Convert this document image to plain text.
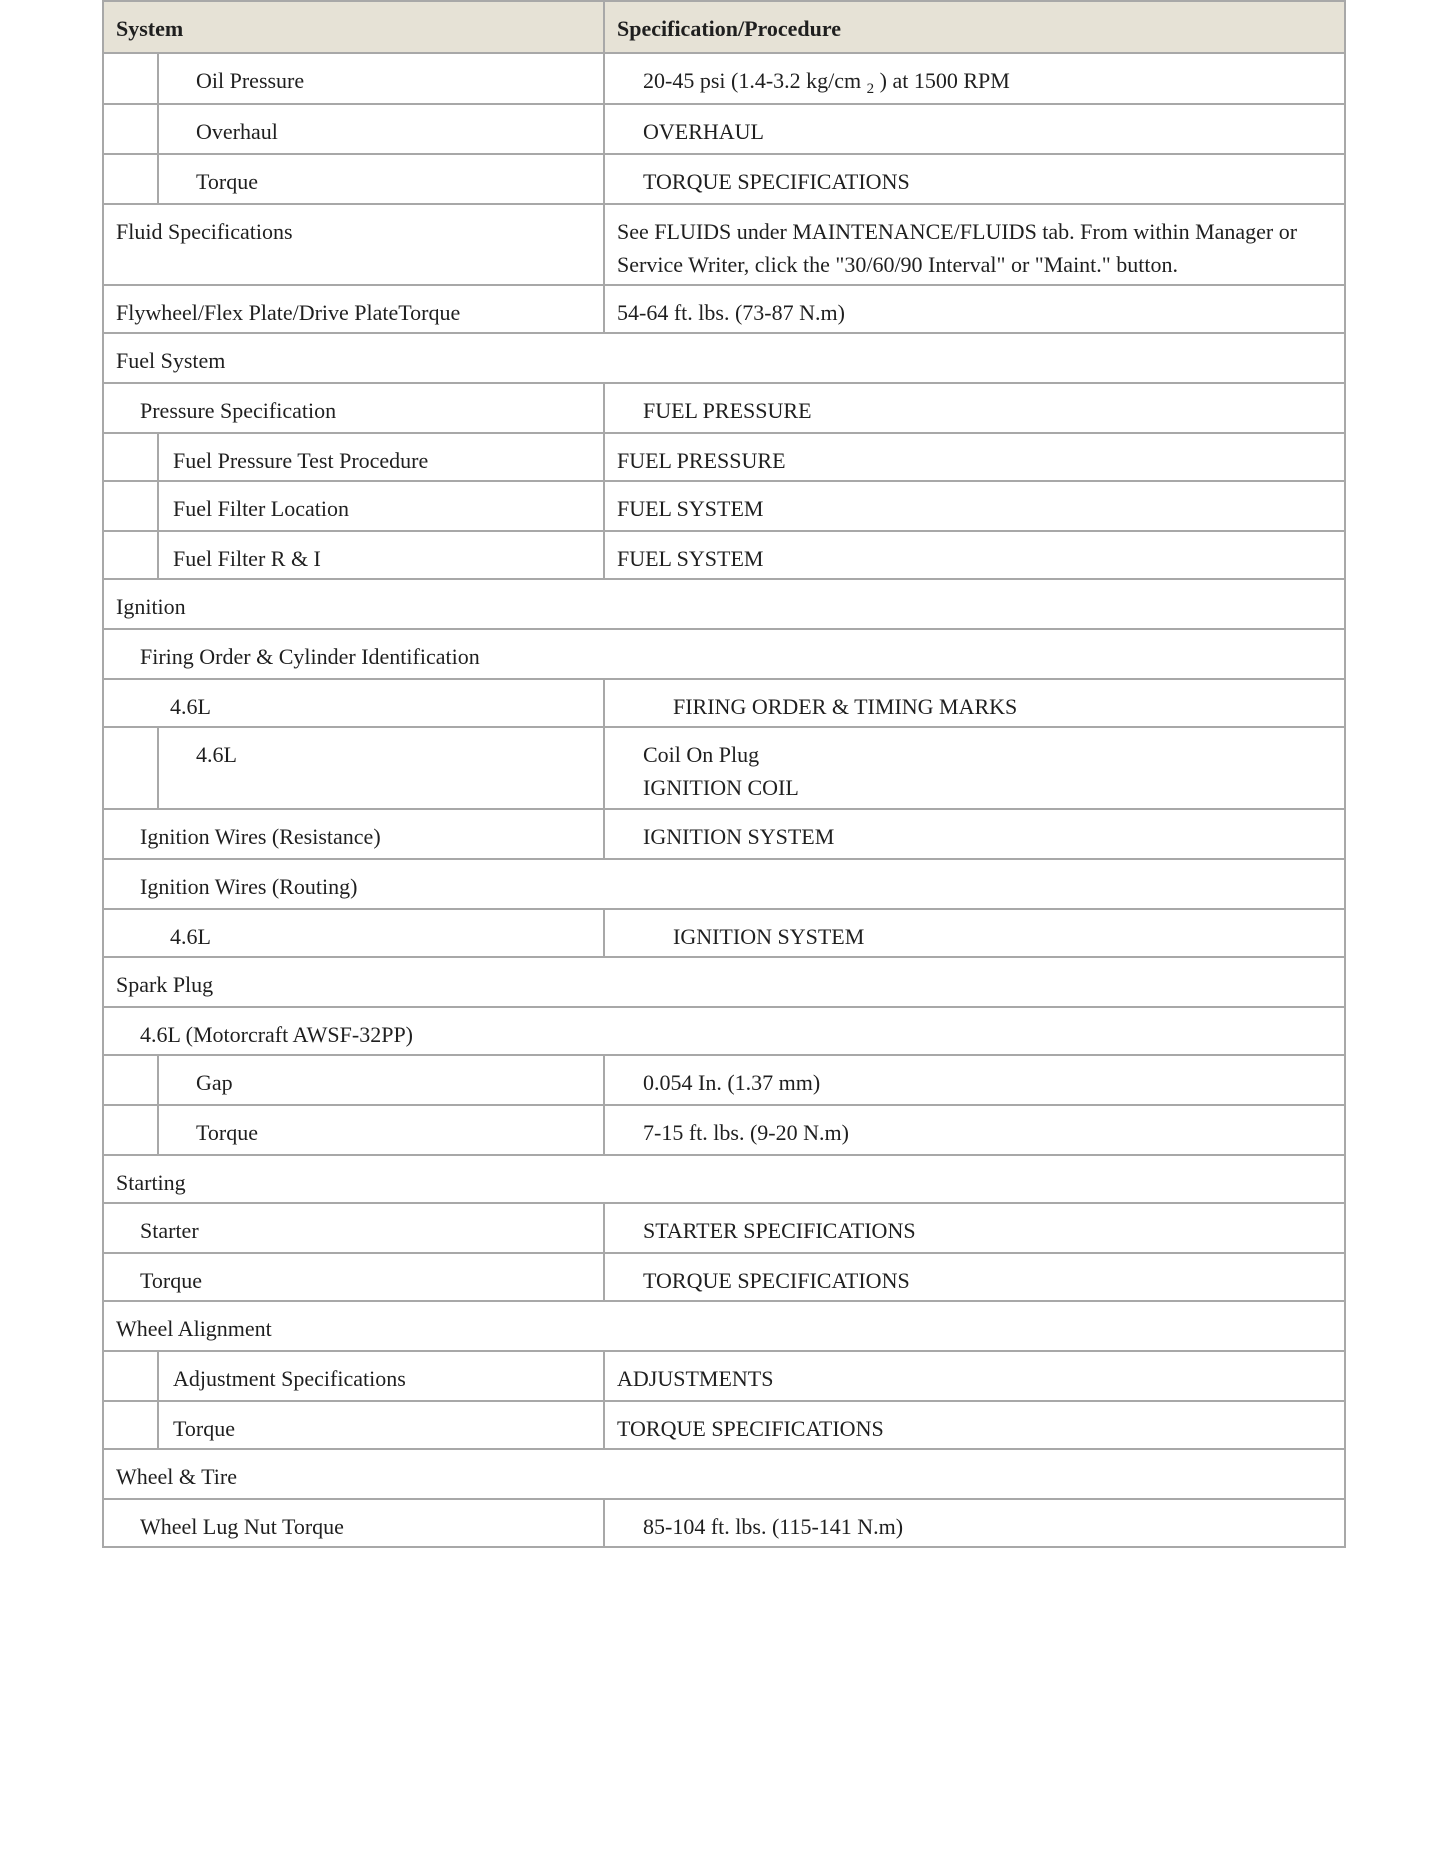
System	Specification/Procedure
Oil Pressure	20-45 psi (1.4-3.2 kg/cm $_2$ ) at 1500 RPM
Overhaul	OVERHAUL
Torque	TORQUE SPECIFICATIONS
Fluid Specifications	See FLUIDS under MAINTENANCE/FLUIDS tab. From within Manager or
Service Writer, click the "30/60/90 Interval" or "Maint." button.
Flywheel/Flex Plate/Drive PlateTorque	54-64 ft. lbs. (73-87 N.m)
Fuel System
Pressure Specification	FUEL PRESSURE
Fuel Pressure Test Procedure	FUEL PRESSURE
Fuel Filter Location	FUEL SYSTEM
Fuel Filter R & I	FUEL SYSTEM
Ignition
Firing Order & Cylinder Identification
4.6L	FIRING ORDER & TIMING MARKS
4.6L	Coil On Plug
IGNITION COIL
Ignition Wires (Resistance)	IGNITION SYSTEM
Ignition Wires (Routing)
4.6L	IGNITION SYSTEM
Spark Plug
4.6L (Motorcraft AWSF-32PP)
Gap	0.054 In. (1.37 mm)
Torque	7-15 ft. lbs. (9-20 N.m)
Starting
Starter	STARTER SPECIFICATIONS
Torque	TORQUE SPECIFICATIONS
Wheel Alignment
Adjustment Specifications	ADJUSTMENTS
Torque	TORQUE SPECIFICATIONS
Wheel & Tire
Wheel Lug Nut Torque	85-104 ft. lbs. (115-141 N.m)
